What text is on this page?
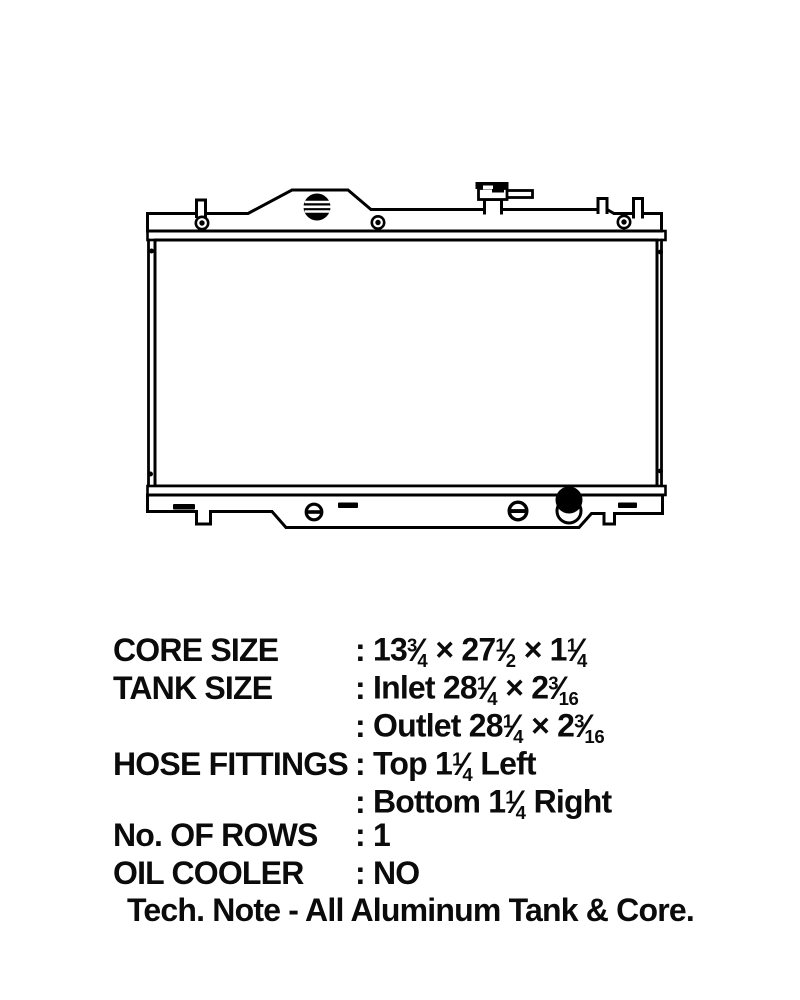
CORE SIZE	: $13^3⁄4$ × $27^1⁄2$ × $1^1⁄4$
TANK SIZE	: Inlet $28^1⁄4$ × $2^3⁄16$
: Outlet $28^1⁄4$ × $2^3⁄16$
HOSE FITTINGS : Top $1^1⁄4$ Left
: Bottom $1^1⁄4$ Right
No. OF ROWS	: 1
OIL COOLER	: NO
Tech. Note - All Aluminum Tank & Core.
